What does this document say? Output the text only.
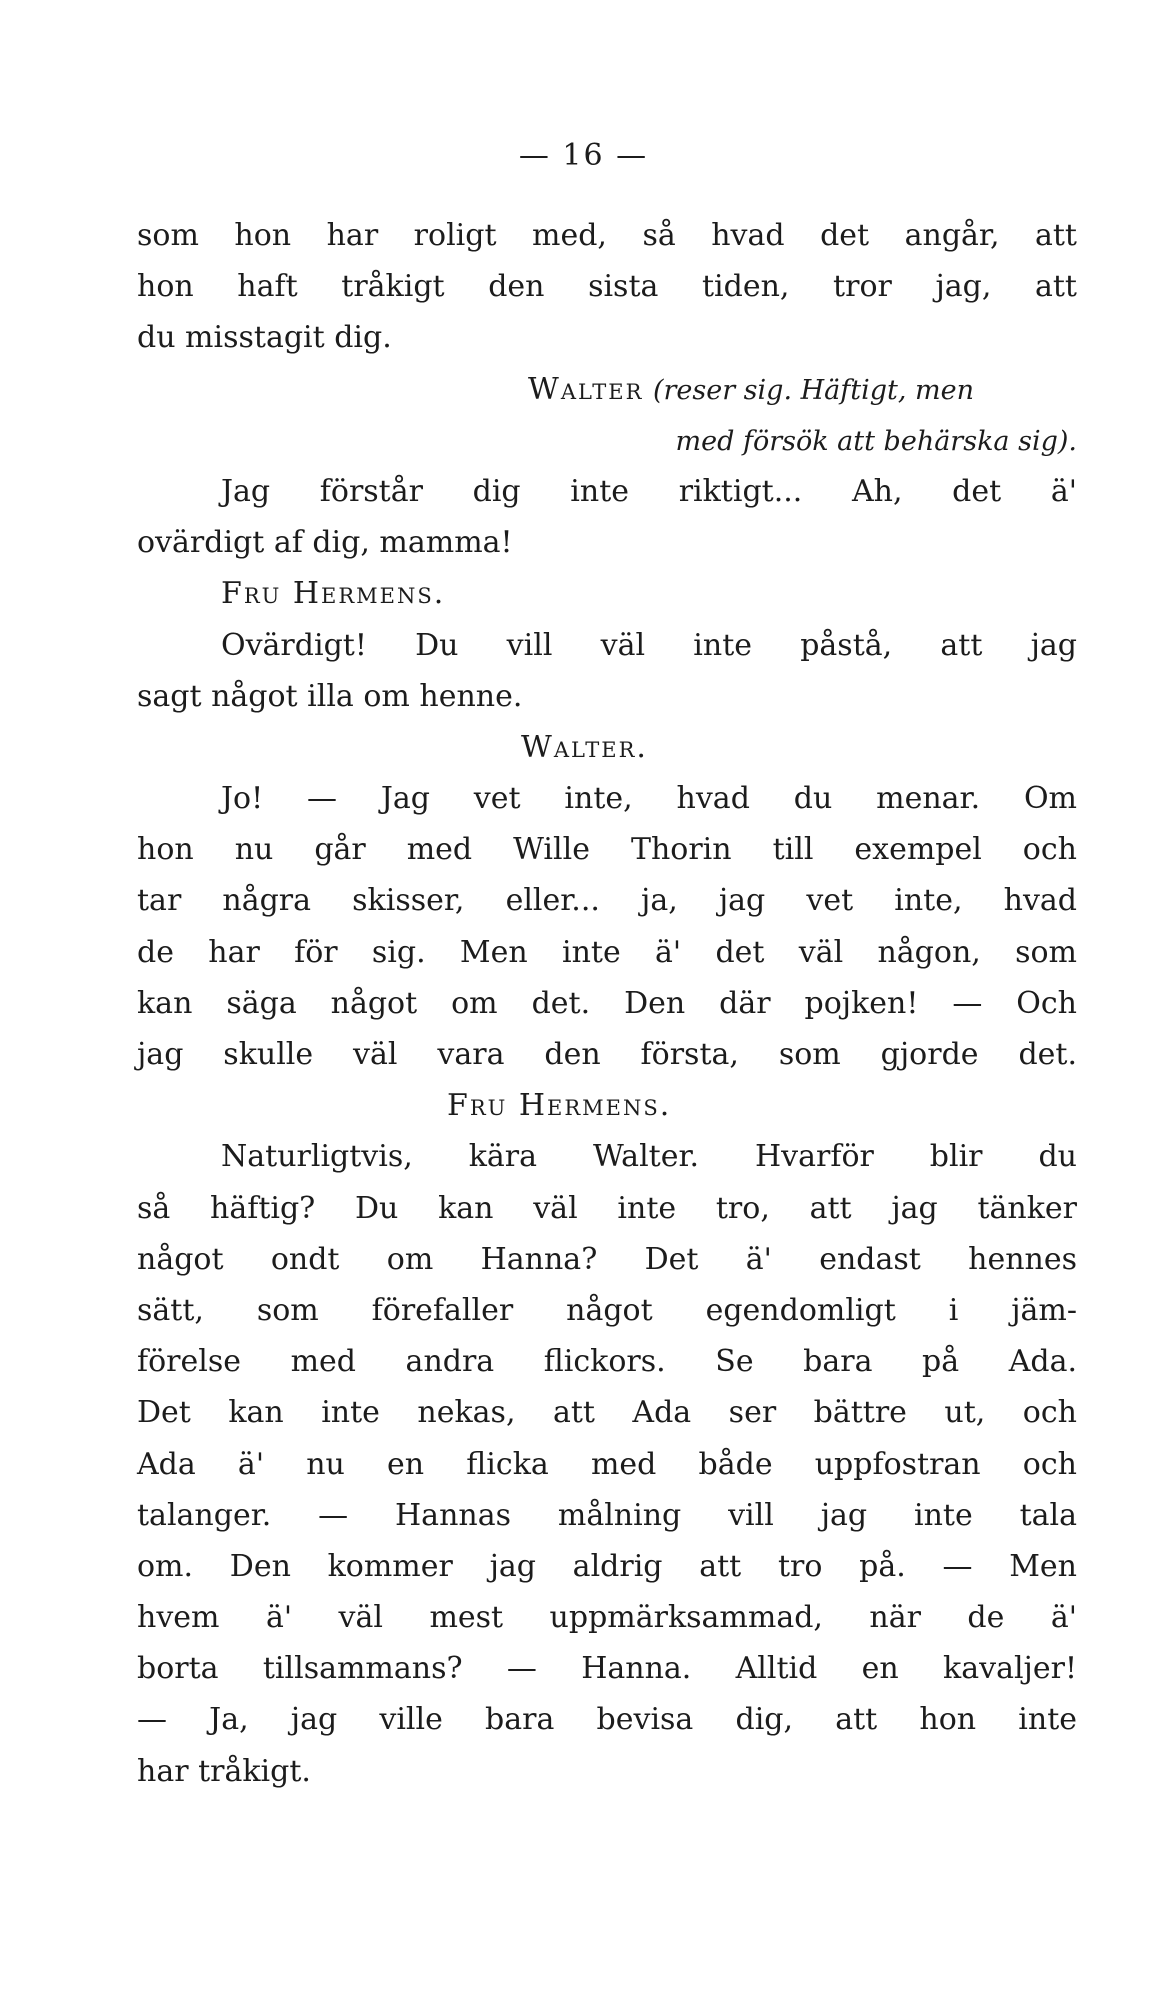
— 16 —
som hon har roligt med, så hvad det angår, att
hon haft tråkigt den sista tiden, tror jag, att
du misstagit dig.
Walter (reser sig. Häftigt, men
med försök att behärska sig).
Jag förstår dig inte riktigt... Ah, det ä'
ovärdigt af dig, mamma!
Fru Hermens.
Ovärdigt! Du vill väl inte påstå, att jag
sagt något illa om henne.
Walter.
Jo! — Jag vet inte, hvad du menar. Om
hon nu går med Wille Thorin till exempel och
tar några skisser, eller... ja, jag vet inte, hvad
de har för sig. Men inte ä' det väl någon, som
kan säga något om det. Den där pojken! — Och
jag skulle väl vara den första, som gjorde det.
Fru Hermens.
Naturligtvis, kära Walter. Hvarför blir du
så häftig? Du kan väl inte tro, att jag tänker
något ondt om Hanna? Det ä' endast hennes
sätt, som förefaller något egendomligt i jäm-
förelse med andra flickors. Se bara på Ada.
Det kan inte nekas, att Ada ser bättre ut, och
Ada ä' nu en flicka med både uppfostran och
talanger. — Hannas målning vill jag inte tala
om. Den kommer jag aldrig att tro på. — Men
hvem ä' väl mest uppmärksammad, när de ä'
borta tillsammans? — Hanna. Alltid en kavaljer!
— Ja, jag ville bara bevisa dig, att hon inte
har tråkigt.
